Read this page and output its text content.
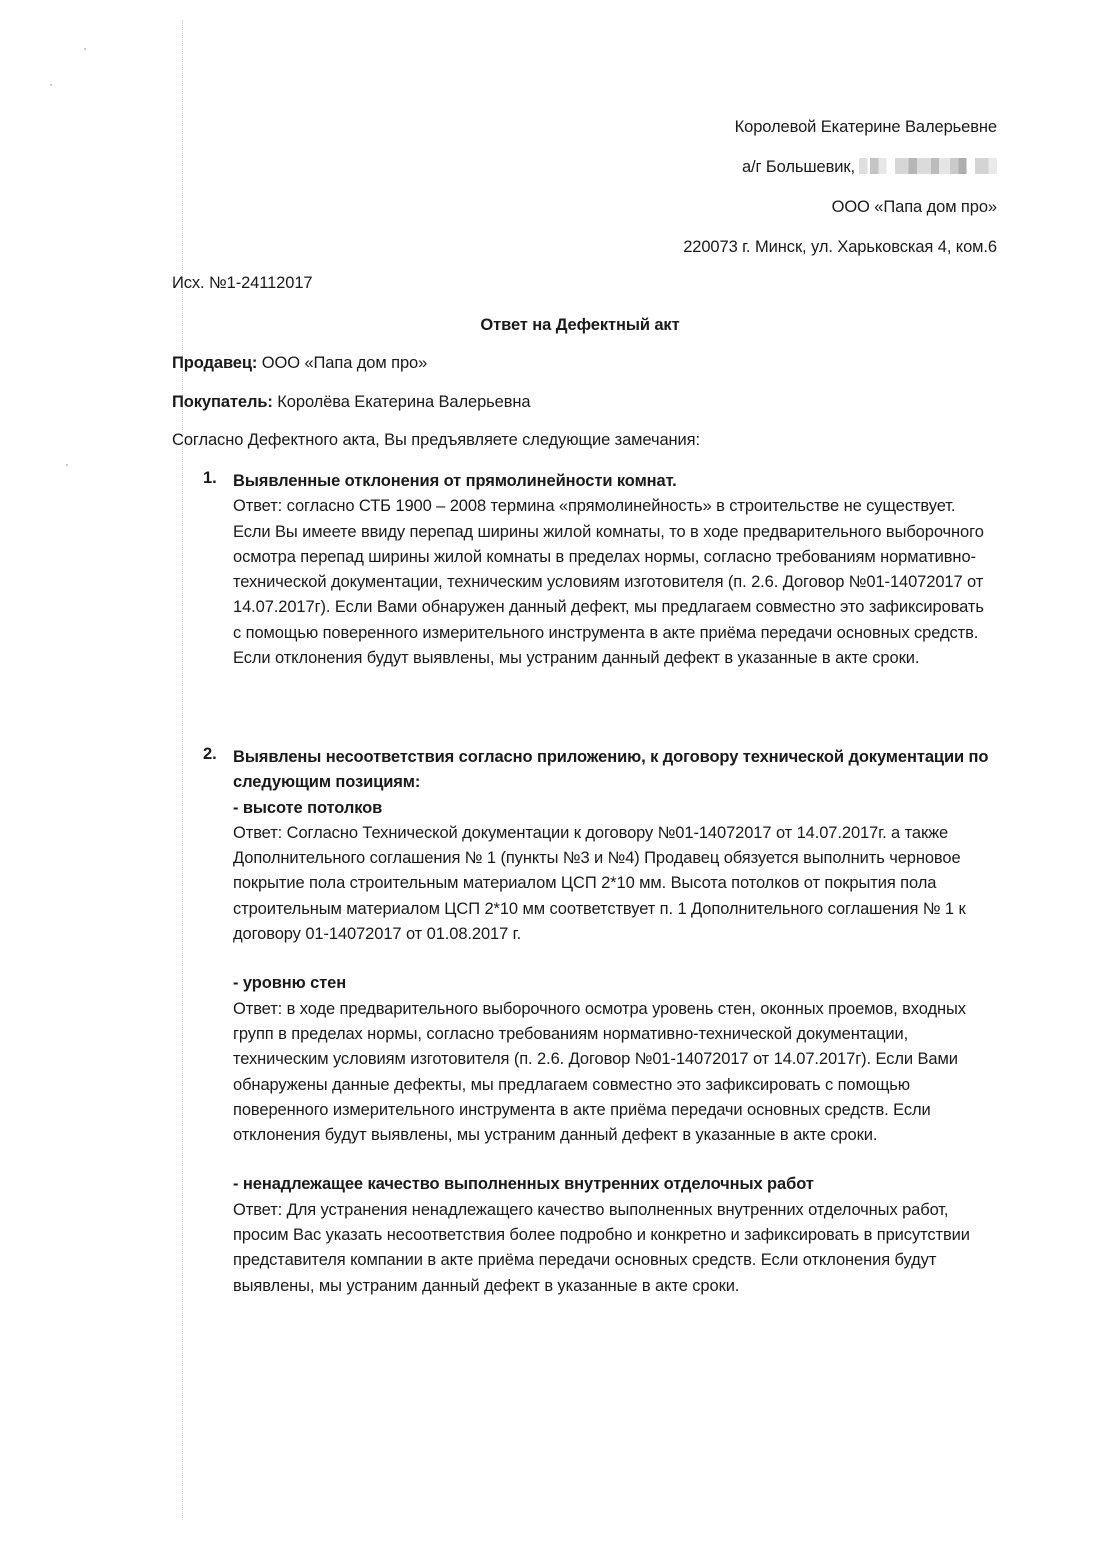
Королевой Екатерине Валерьевне
а/г Большевик,
ООО «Папа дом про»
220073 г. Минск, ул. Харьковская 4, ком.6
Исх. №1-24112017
Ответ на Дефектный акт
Продавец: ООО «Папа дом про»
Покупатель: Королёва Екатерина Валерьевна
Согласно Дефектного акта, Вы предъявляете следующие замечания:
1. Выявленные отклонения от прямолинейности комнат.

Ответ: согласно СТБ 1900 – 2008 термина «прямолинейность» в строительстве не существует. Если Вы имеете ввиду перепад ширины жилой комнаты, то в ходе предварительного выборочного осмотра перепад ширины жилой комнаты в пределах нормы, согласно требованиям нормативно-технической документации, техническим условиям изготовителя (п. 2.6. Договор №01-14072017 от 14.07.2017г). Если Вами обнаружен данный дефект, мы предлагаем совместно это зафиксировать с помощью поверенного измерительного инструмента в акте приёма передачи основных средств. Если отклонения будут выявлены, мы устраним данный дефект в указанные в акте сроки.

2. Выявлены несоответствия согласно приложению, к договору технической документации по следующим позициям:
- высоте потолков

Ответ: Согласно Технической документации к договору №01-14072017 от 14.07.2017г. а также Дополнительного соглашения № 1 (пункты №3 и №4) Продавец обязуется выполнить черновое покрытие пола строительным материалом ЦСП 2*10 мм. Высота потолков от покрытия пола строительным материалом ЦСП 2*10 мм соответствует п. 1 Дополнительного соглашения № 1 к договору 01-14072017 от 01.08.2017 г.

- уровню стен

Ответ: в ходе предварительного выборочного осмотра уровень стен, оконных проемов, входных групп в пределах нормы, согласно требованиям нормативно-технической документации, техническим условиям изготовителя (п. 2.6. Договор №01-14072017 от 14.07.2017г). Если Вами обнаружены данные дефекты, мы предлагаем совместно это зафиксировать с помощью поверенного измерительного инструмента в акте приёма передачи основных средств. Если отклонения будут выявлены, мы устраним данный дефект в указанные в акте сроки.

- ненадлежащее качество выполненных внутренних отделочных работ

Ответ: Для устранения ненадлежащего качество выполненных внутренних отделочных работ, просим Вас указать несоответствия более подробно и конкретно и зафиксировать в присутствии представителя компании в акте приёма передачи основных средств. Если отклонения будут выявлены, мы устраним данный дефект в указанные в акте сроки.
